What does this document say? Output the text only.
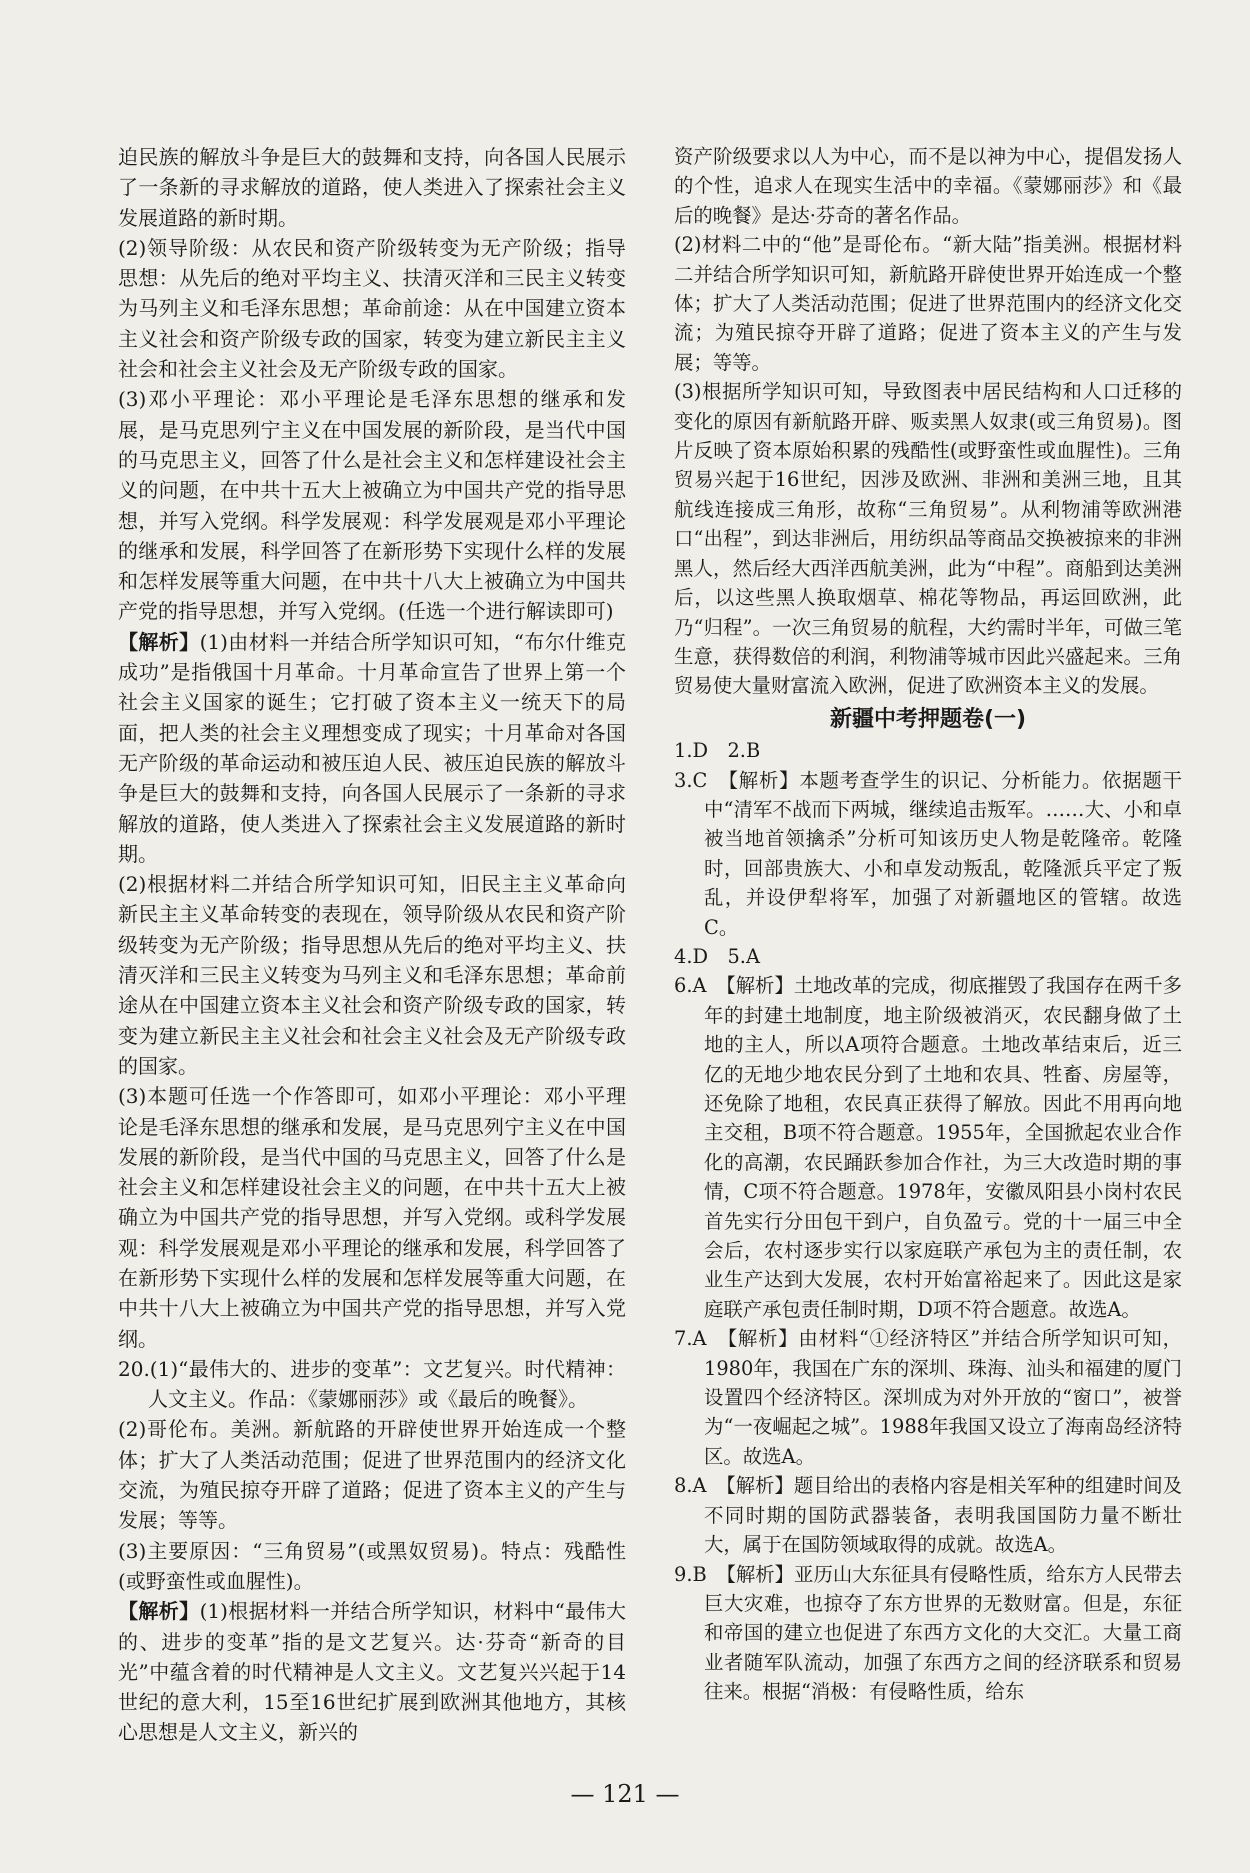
迫民族的解放斗争是巨大的鼓舞和支持，向各国人民展示了一条新的寻求解放的道路，使人类进入了探索社会主义发展道路的新时期。

(2)领导阶级：从农民和资产阶级转变为无产阶级；指导思想：从先后的绝对平均主义、扶清灭洋和三民主义转变为马列主义和毛泽东思想；革命前途：从在中国建立资本主义社会和资产阶级专政的国家，转变为建立新民主主义社会和社会主义社会及无产阶级专政的国家。

(3)邓小平理论：邓小平理论是毛泽东思想的继承和发展，是马克思列宁主义在中国发展的新阶段，是当代中国的马克思主义，回答了什么是社会主义和怎样建设社会主义的问题，在中共十五大上被确立为中国共产党的指导思想，并写入党纲。科学发展观：科学发展观是邓小平理论的继承和发展，科学回答了在新形势下实现什么样的发展和怎样发展等重大问题，在中共十八大上被确立为中国共产党的指导思想，并写入党纲。(任选一个进行解读即可)

【解析】(1)由材料一并结合所学知识可知，“布尔什维克成功”是指俄国十月革命。十月革命宣告了世界上第一个社会主义国家的诞生；它打破了资本主义一统天下的局面，把人类的社会主义理想变成了现实；十月革命对各国无产阶级的革命运动和被压迫人民、被压迫民族的解放斗争是巨大的鼓舞和支持，向各国人民展示了一条新的寻求解放的道路，使人类进入了探索社会主义发展道路的新时期。

(2)根据材料二并结合所学知识可知，旧民主主义革命向新民主主义革命转变的表现在，领导阶级从农民和资产阶级转变为无产阶级；指导思想从先后的绝对平均主义、扶清灭洋和三民主义转变为马列主义和毛泽东思想；革命前途从在中国建立资本主义社会和资产阶级专政的国家，转变为建立新民主主义社会和社会主义社会及无产阶级专政的国家。

(3)本题可任选一个作答即可，如邓小平理论：邓小平理论是毛泽东思想的继承和发展，是马克思列宁主义在中国发展的新阶段，是当代中国的马克思主义，回答了什么是社会主义和怎样建设社会主义的问题，在中共十五大上被确立为中国共产党的指导思想，并写入党纲。或科学发展观：科学发展观是邓小平理论的继承和发展，科学回答了在新形势下实现什么样的发展和怎样发展等重大问题，在中共十八大上被确立为中国共产党的指导思想，并写入党纲。

20.(1)“最伟大的、进步的变革”：文艺复兴。时代精神：人文主义。作品：《蒙娜丽莎》或《最后的晚餐》。

(2)哥伦布。美洲。新航路的开辟使世界开始连成一个整体；扩大了人类活动范围；促进了世界范围内的经济文化交流，为殖民掠夺开辟了道路；促进了资本主义的产生与发展；等等。

(3)主要原因：“三角贸易”(或黑奴贸易)。特点：残酷性(或野蛮性或血腥性)。

【解析】(1)根据材料一并结合所学知识，材料中“最伟大的、进步的变革”指的是文艺复兴。达·芬奇“新奇的目光”中蕴含着的时代精神是人文主义。文艺复兴兴起于14世纪的意大利，15至16世纪扩展到欧洲其他地方，其核心思想是人文主义，新兴的

资产阶级要求以人为中心，而不是以神为中心，提倡发扬人的个性，追求人在现实生活中的幸福。《蒙娜丽莎》和《最后的晚餐》是达·芬奇的著名作品。

(2)材料二中的“他”是哥伦布。“新大陆”指美洲。根据材料二并结合所学知识可知，新航路开辟使世界开始连成一个整体；扩大了人类活动范围；促进了世界范围内的经济文化交流；为殖民掠夺开辟了道路；促进了资本主义的产生与发展；等等。

(3)根据所学知识可知，导致图表中居民结构和人口迁移的变化的原因有新航路开辟、贩卖黑人奴隶(或三角贸易)。图片反映了资本原始积累的残酷性(或野蛮性或血腥性)。三角贸易兴起于16世纪，因涉及欧洲、非洲和美洲三地，且其航线连接成三角形，故称“三角贸易”。从利物浦等欧洲港口“出程”，到达非洲后，用纺织品等商品交换被掠来的非洲黑人，然后经大西洋西航美洲，此为“中程”。商船到达美洲后，以这些黑人换取烟草、棉花等物品，再运回欧洲，此乃“归程”。一次三角贸易的航程，大约需时半年，可做三笔生意，获得数倍的利润，利物浦等城市因此兴盛起来。三角贸易使大量财富流入欧洲，促进了欧洲资本主义的发展。

新疆中考押题卷(一)

1.D　2.B

3.C　【解析】本题考查学生的识记、分析能力。依据题干中“清军不战而下两城，继续追击叛军。……大、小和卓被当地首领擒杀”分析可知该历史人物是乾隆帝。乾隆时，回部贵族大、小和卓发动叛乱，乾隆派兵平定了叛乱，并设伊犁将军，加强了对新疆地区的管辖。故选C。

4.D　5.A

6.A　【解析】土地改革的完成，彻底摧毁了我国存在两千多年的封建土地制度，地主阶级被消灭，农民翻身做了土地的主人，所以A项符合题意。土地改革结束后，近三亿的无地少地农民分到了土地和农具、牲畜、房屋等，还免除了地租，农民真正获得了解放。因此不用再向地主交租，B项不符合题意。1955年，全国掀起农业合作化的高潮，农民踊跃参加合作社，为三大改造时期的事情，C项不符合题意。1978年，安徽凤阳县小岗村农民首先实行分田包干到户，自负盈亏。党的十一届三中全会后，农村逐步实行以家庭联产承包为主的责任制，农业生产达到大发展，农村开始富裕起来了。因此这是家庭联产承包责任制时期，D项不符合题意。故选A。

7.A　【解析】由材料“①经济特区”并结合所学知识可知，1980年，我国在广东的深圳、珠海、汕头和福建的厦门设置四个经济特区。深圳成为对外开放的“窗口”，被誉为“一夜崛起之城”。1988年我国又设立了海南岛经济特区。故选A。

8.A　【解析】题目给出的表格内容是相关军种的组建时间及不同时期的国防武器装备，表明我国国防力量不断壮大，属于在国防领域取得的成就。故选A。

9.B　【解析】亚历山大东征具有侵略性质，给东方人民带去巨大灾难，也掠夺了东方世界的无数财富。但是，东征和帝国的建立也促进了东西方文化的大交汇。大量工商业者随军队流动，加强了东西方之间的经济联系和贸易往来。根据“消极：有侵略性质，给东

— 121 —
